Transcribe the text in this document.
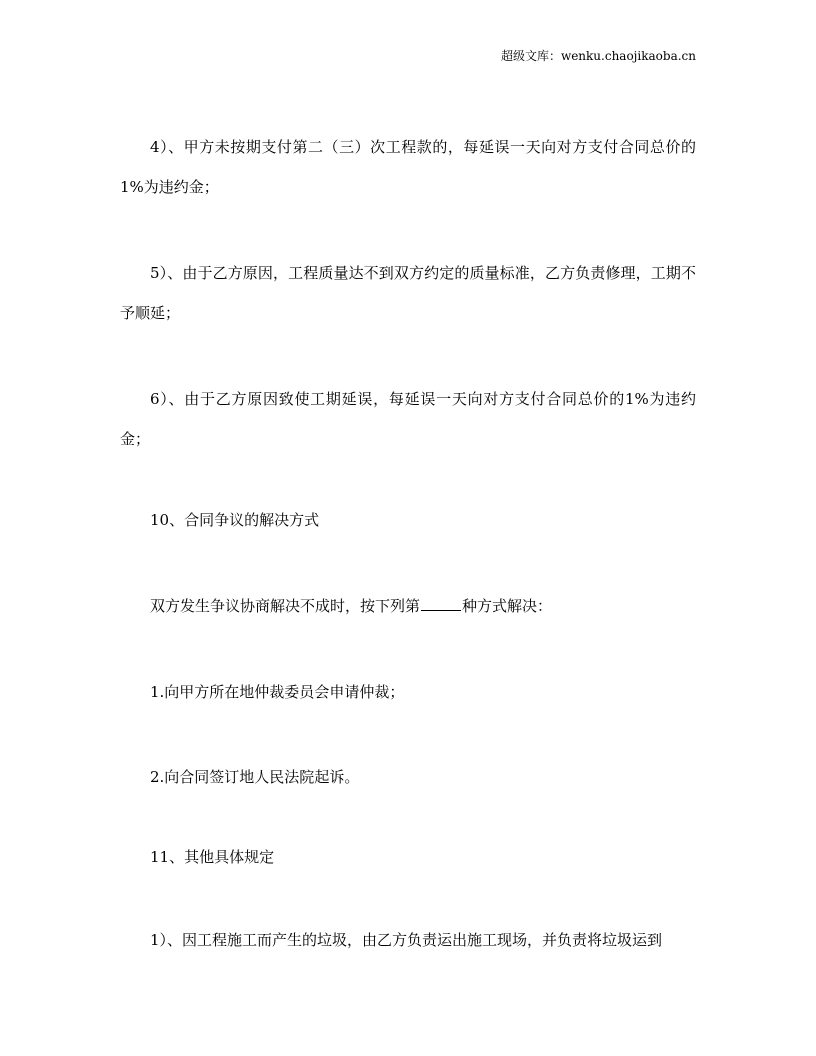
超级文库：wenku.chaojikaoba.cn

4）、甲方未按期支付第二（三）次工程款的，每延误一天向对方支付合同总价的1%为违约金；

5）、由于乙方原因，工程质量达不到双方约定的质量标准，乙方负责修理，工期不予顺延；

6）、由于乙方原因致使工期延误，每延误一天向对方支付合同总价的1%为违约金；

10、合同争议的解决方式

双方发生争议协商解决不成时，按下列第	种方式解决：

1.向甲方所在地仲裁委员会申请仲裁；

2.向合同签订地人民法院起诉。

11、其他具体规定

1）、因工程施工而产生的垃圾，由乙方负责运出施工现场，并负责将垃圾运到
